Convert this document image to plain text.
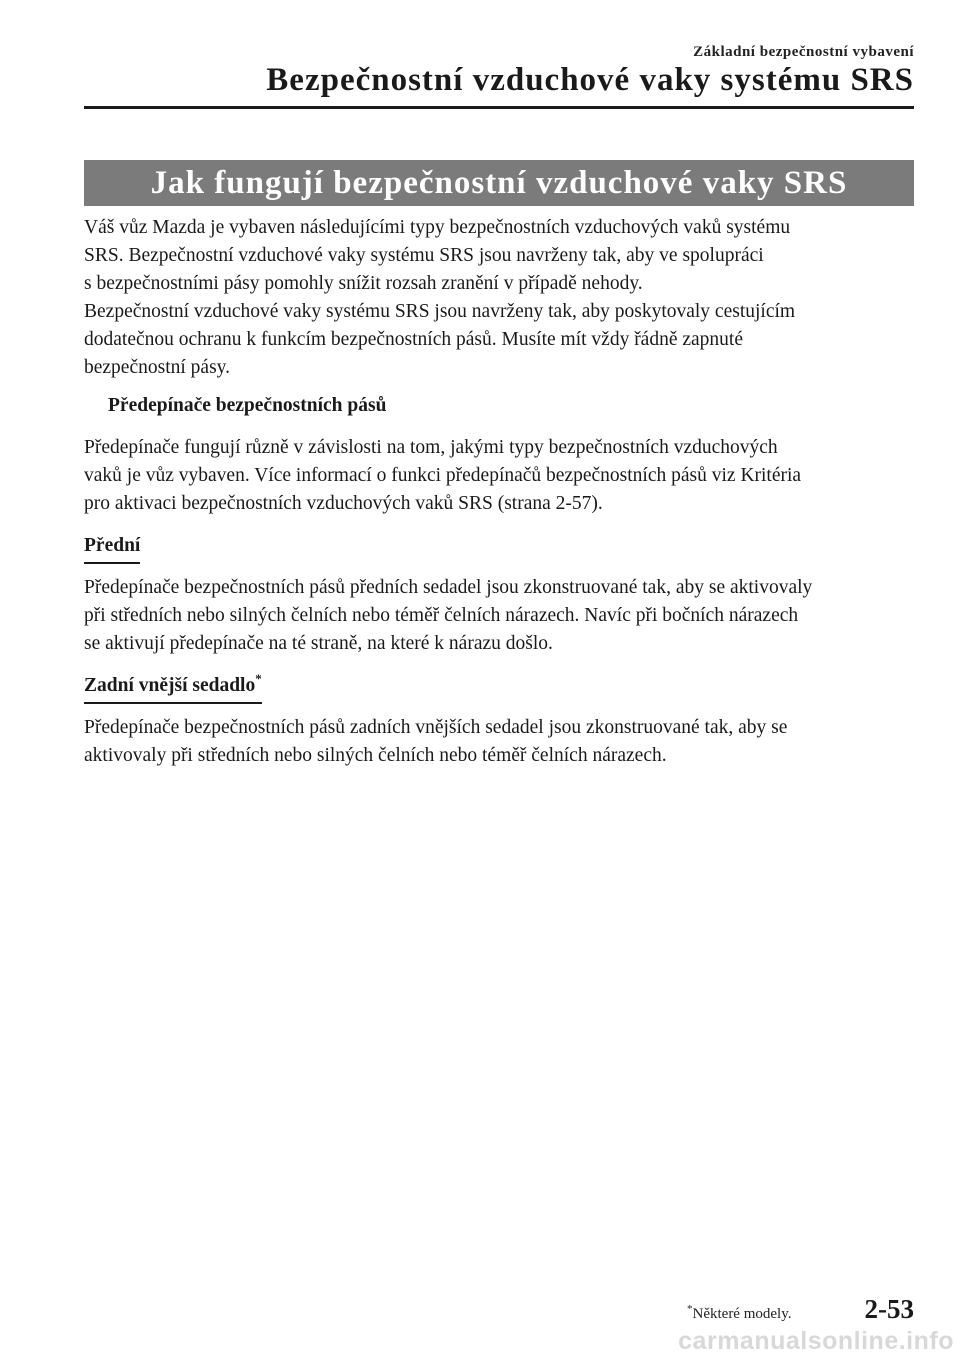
Základní bezpečnostní vybavení
Bezpečnostní vzduchové vaky systému SRS
Jak fungují bezpečnostní vzduchové vaky SRS

Váš vůz Mazda je vybaven následujícími typy bezpečnostních vzduchových vaků systému
SRS. Bezpečnostní vzduchové vaky systému SRS jsou navrženy tak, aby ve spolupráci
s bezpečnostními pásy pomohly snížit rozsah zranění v případě nehody.

Bezpečnostní vzduchové vaky systému SRS jsou navrženy tak, aby poskytovaly cestujícím
dodatečnou ochranu k funkcím bezpečnostních pásů. Musíte mít vždy řádně zapnuté
bezpečnostní pásy.

Předepínače bezpečnostních pásů

Předepínače fungují různě v závislosti na tom, jakými typy bezpečnostních vzduchových
vaků je vůz vybaven. Více informací o funkci předepínačů bezpečnostních pásů viz Kritéria
pro aktivaci bezpečnostních vzduchových vaků SRS (strana 2-57).

Přední

Předepínače bezpečnostních pásů předních sedadel jsou zkonstruované tak, aby se aktivovaly
při středních nebo silných čelních nebo téměř čelních nárazech. Navíc při bočních nárazech
se aktivují předepínače na té straně, na které k nárazu došlo.

Zadní vnější sedadlo*

Předepínače bezpečnostních pásů zadních vnějších sedadel jsou zkonstruované tak, aby se
aktivovaly při středních nebo silných čelních nebo téměř čelních nárazech.

*Některé modely.	2-53
carmanualsonline.info
